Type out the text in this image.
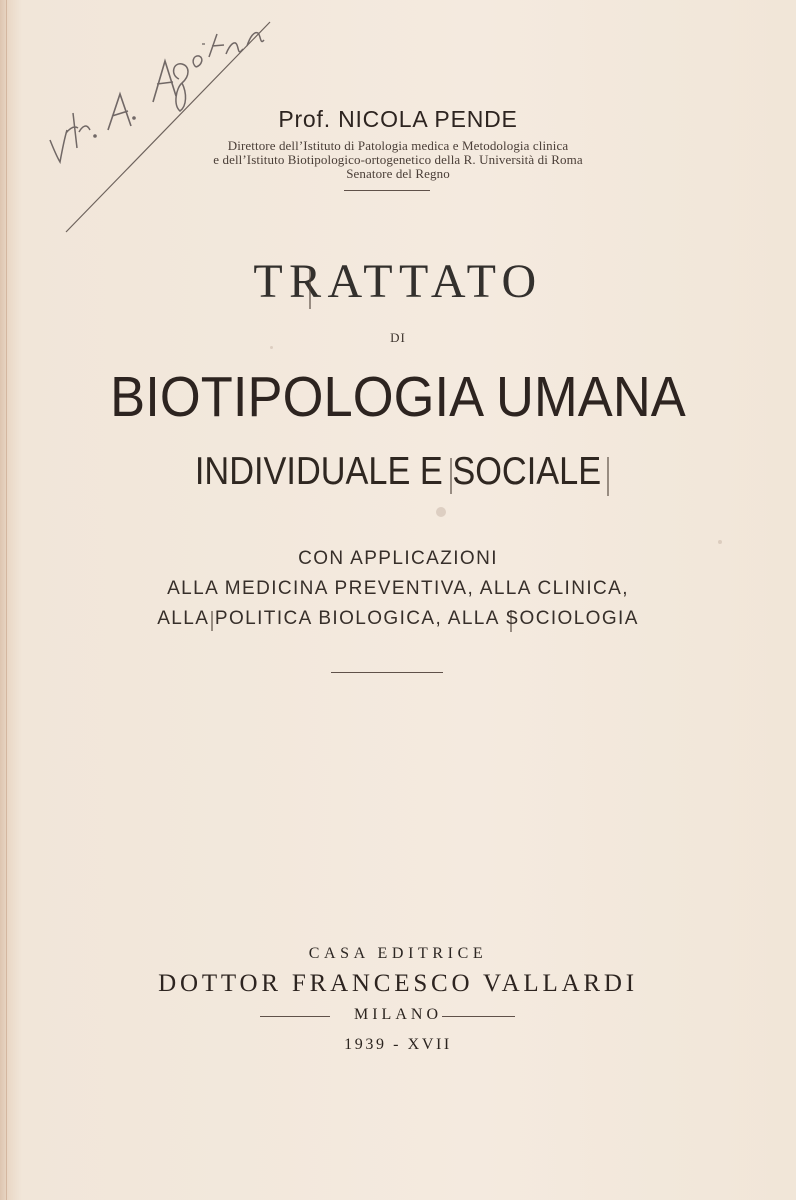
Prof. NICOLA PENDE
Direttore dell’Istituto di Patologia medica e Metodologia clinica
e dell’Istituto Biotipologico-ortogenetico della R. Università di Roma
Senatore del Regno
TRATTATO
DI
BIOTIPOLOGIA UMANA
INDIVIDUALE E SOCIALE
CON APPLICAZIONI
ALLA MEDICINA PREVENTIVA, ALLA CLINICA,
ALLA POLITICA BIOLOGICA, ALLA SOCIOLOGIA
CASA EDITRICE
DOTTOR FRANCESCO VALLARDI
MILANO
1939 - XVII
